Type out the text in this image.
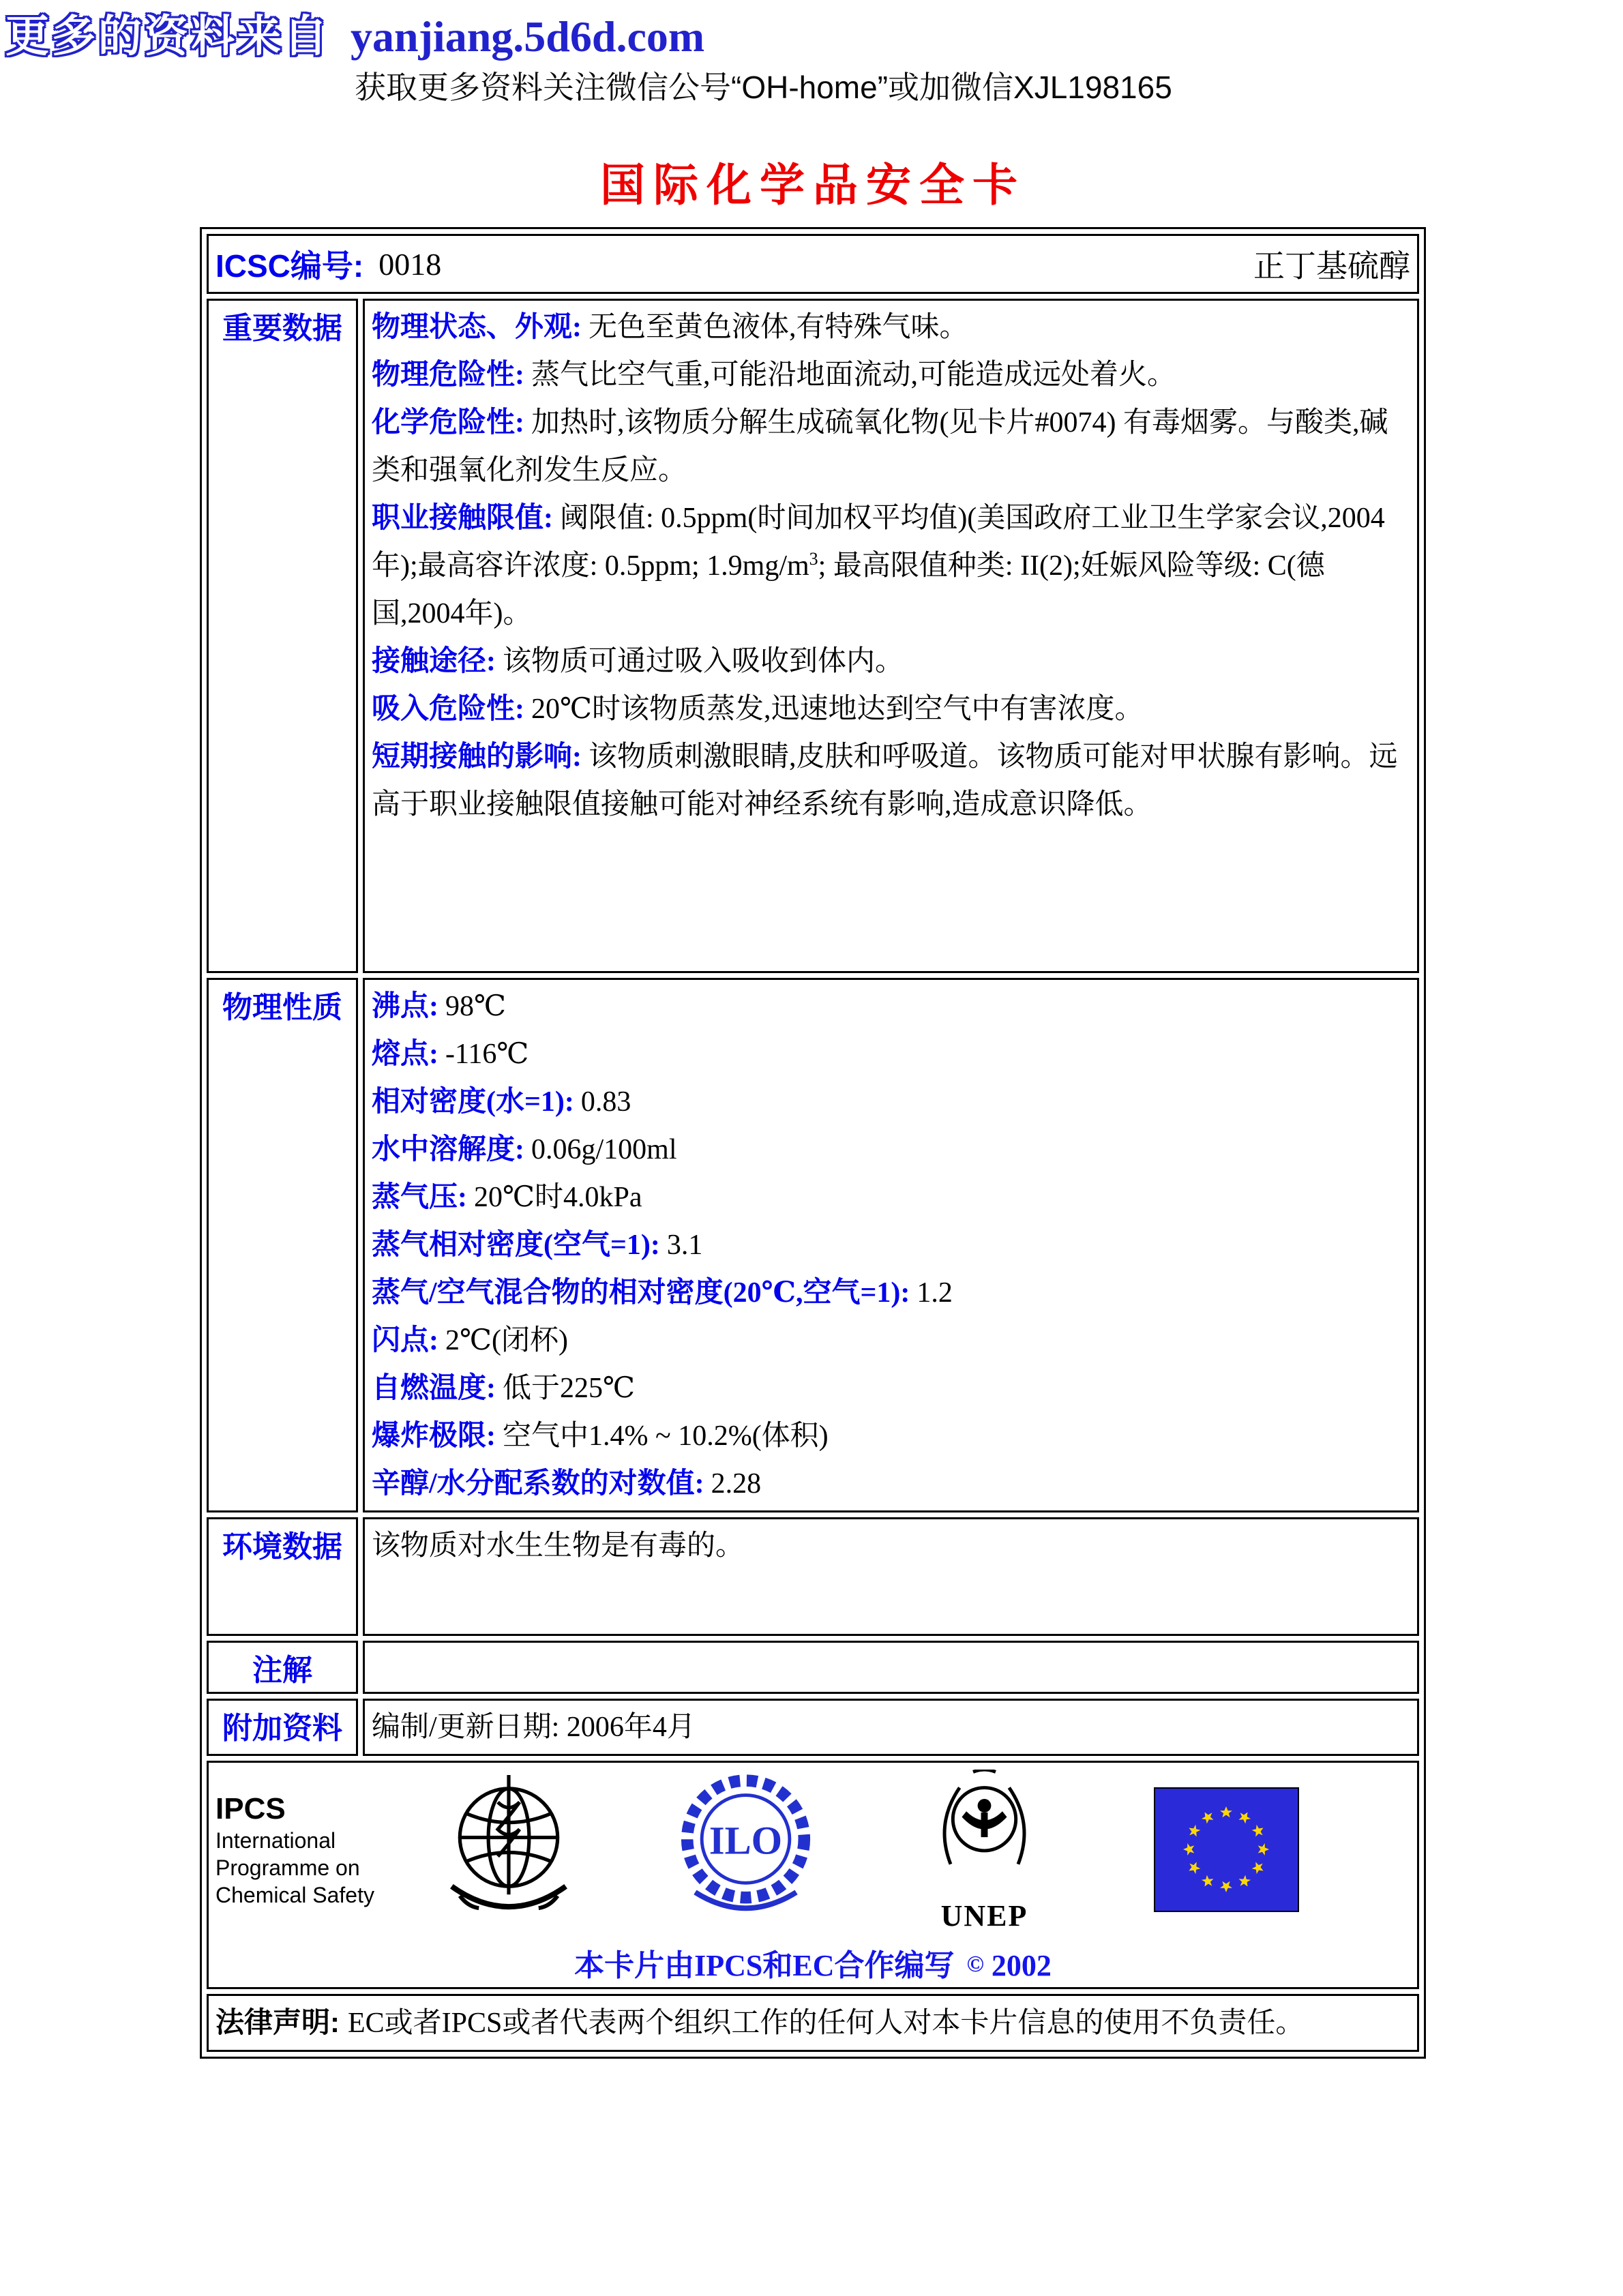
更多的资料来自 yanjiang.5d6d.com
获取更多资料关注微信公号“OH-home”或加微信XJL198165
国际化学品安全卡
ICSC编号: 0018 正丁基硫醇	

重要数据	物理状态、外观: 无色至黄色液体,有特殊气味。

物理危险性: 蒸气比空气重,可能沿地面流动,可能造成远处着火。

化学危险性: 加热时,该物质分解生成硫氧化物(见卡片#0074) 有毒烟雾。与酸类,碱类和强氧化剂发生反应。

职业接触限值: 阈限值: 0.5ppm(时间加权平均值)(美国政府工业卫生学家会议,2004年);最高容许浓度: 0.5ppm; $1.9mg/m^3$; 最高限值种类: II(2);妊娠风险等级: C(德国,2004年)。

接触途径: 该物质可通过吸入吸收到体内。

吸入危险性: 20℃时该物质蒸发,迅速地达到空气中有害浓度。

短期接触的影响: 该物质刺激眼睛,皮肤和呼吸道。该物质可能对甲状腺有影响。远高于职业接触限值接触可能对神经系统有影响,造成意识降低。

物理性质	沸点: 98℃

熔点: -116℃

相对密度(水=1): 0.83

水中溶解度: 0.06g/100ml

蒸气压: 20℃时4.0kPa

蒸气相对密度(空气=1): 3.1

蒸气/空气混合物的相对密度(20℃,空气=1): 1.2

闪点: 2℃(闭杯)

自燃温度: 低于225℃

爆炸极限: 空气中1.4% ~ 10.2%(体积)

辛醇/水分配系数的对数值: 2.28

环境数据	该物质对水生生物是有毒的。

注解	

附加资料	编制/更新日期: 2006年4月

IPCS
International
Programme on
Chemical Safety
ILO
UNEP
本卡片由IPCS和EC合作编写 © 2002

法律声明: EC或者IPCS或者代表两个组织工作的任何人对本卡片信息的使用不负责任。	
